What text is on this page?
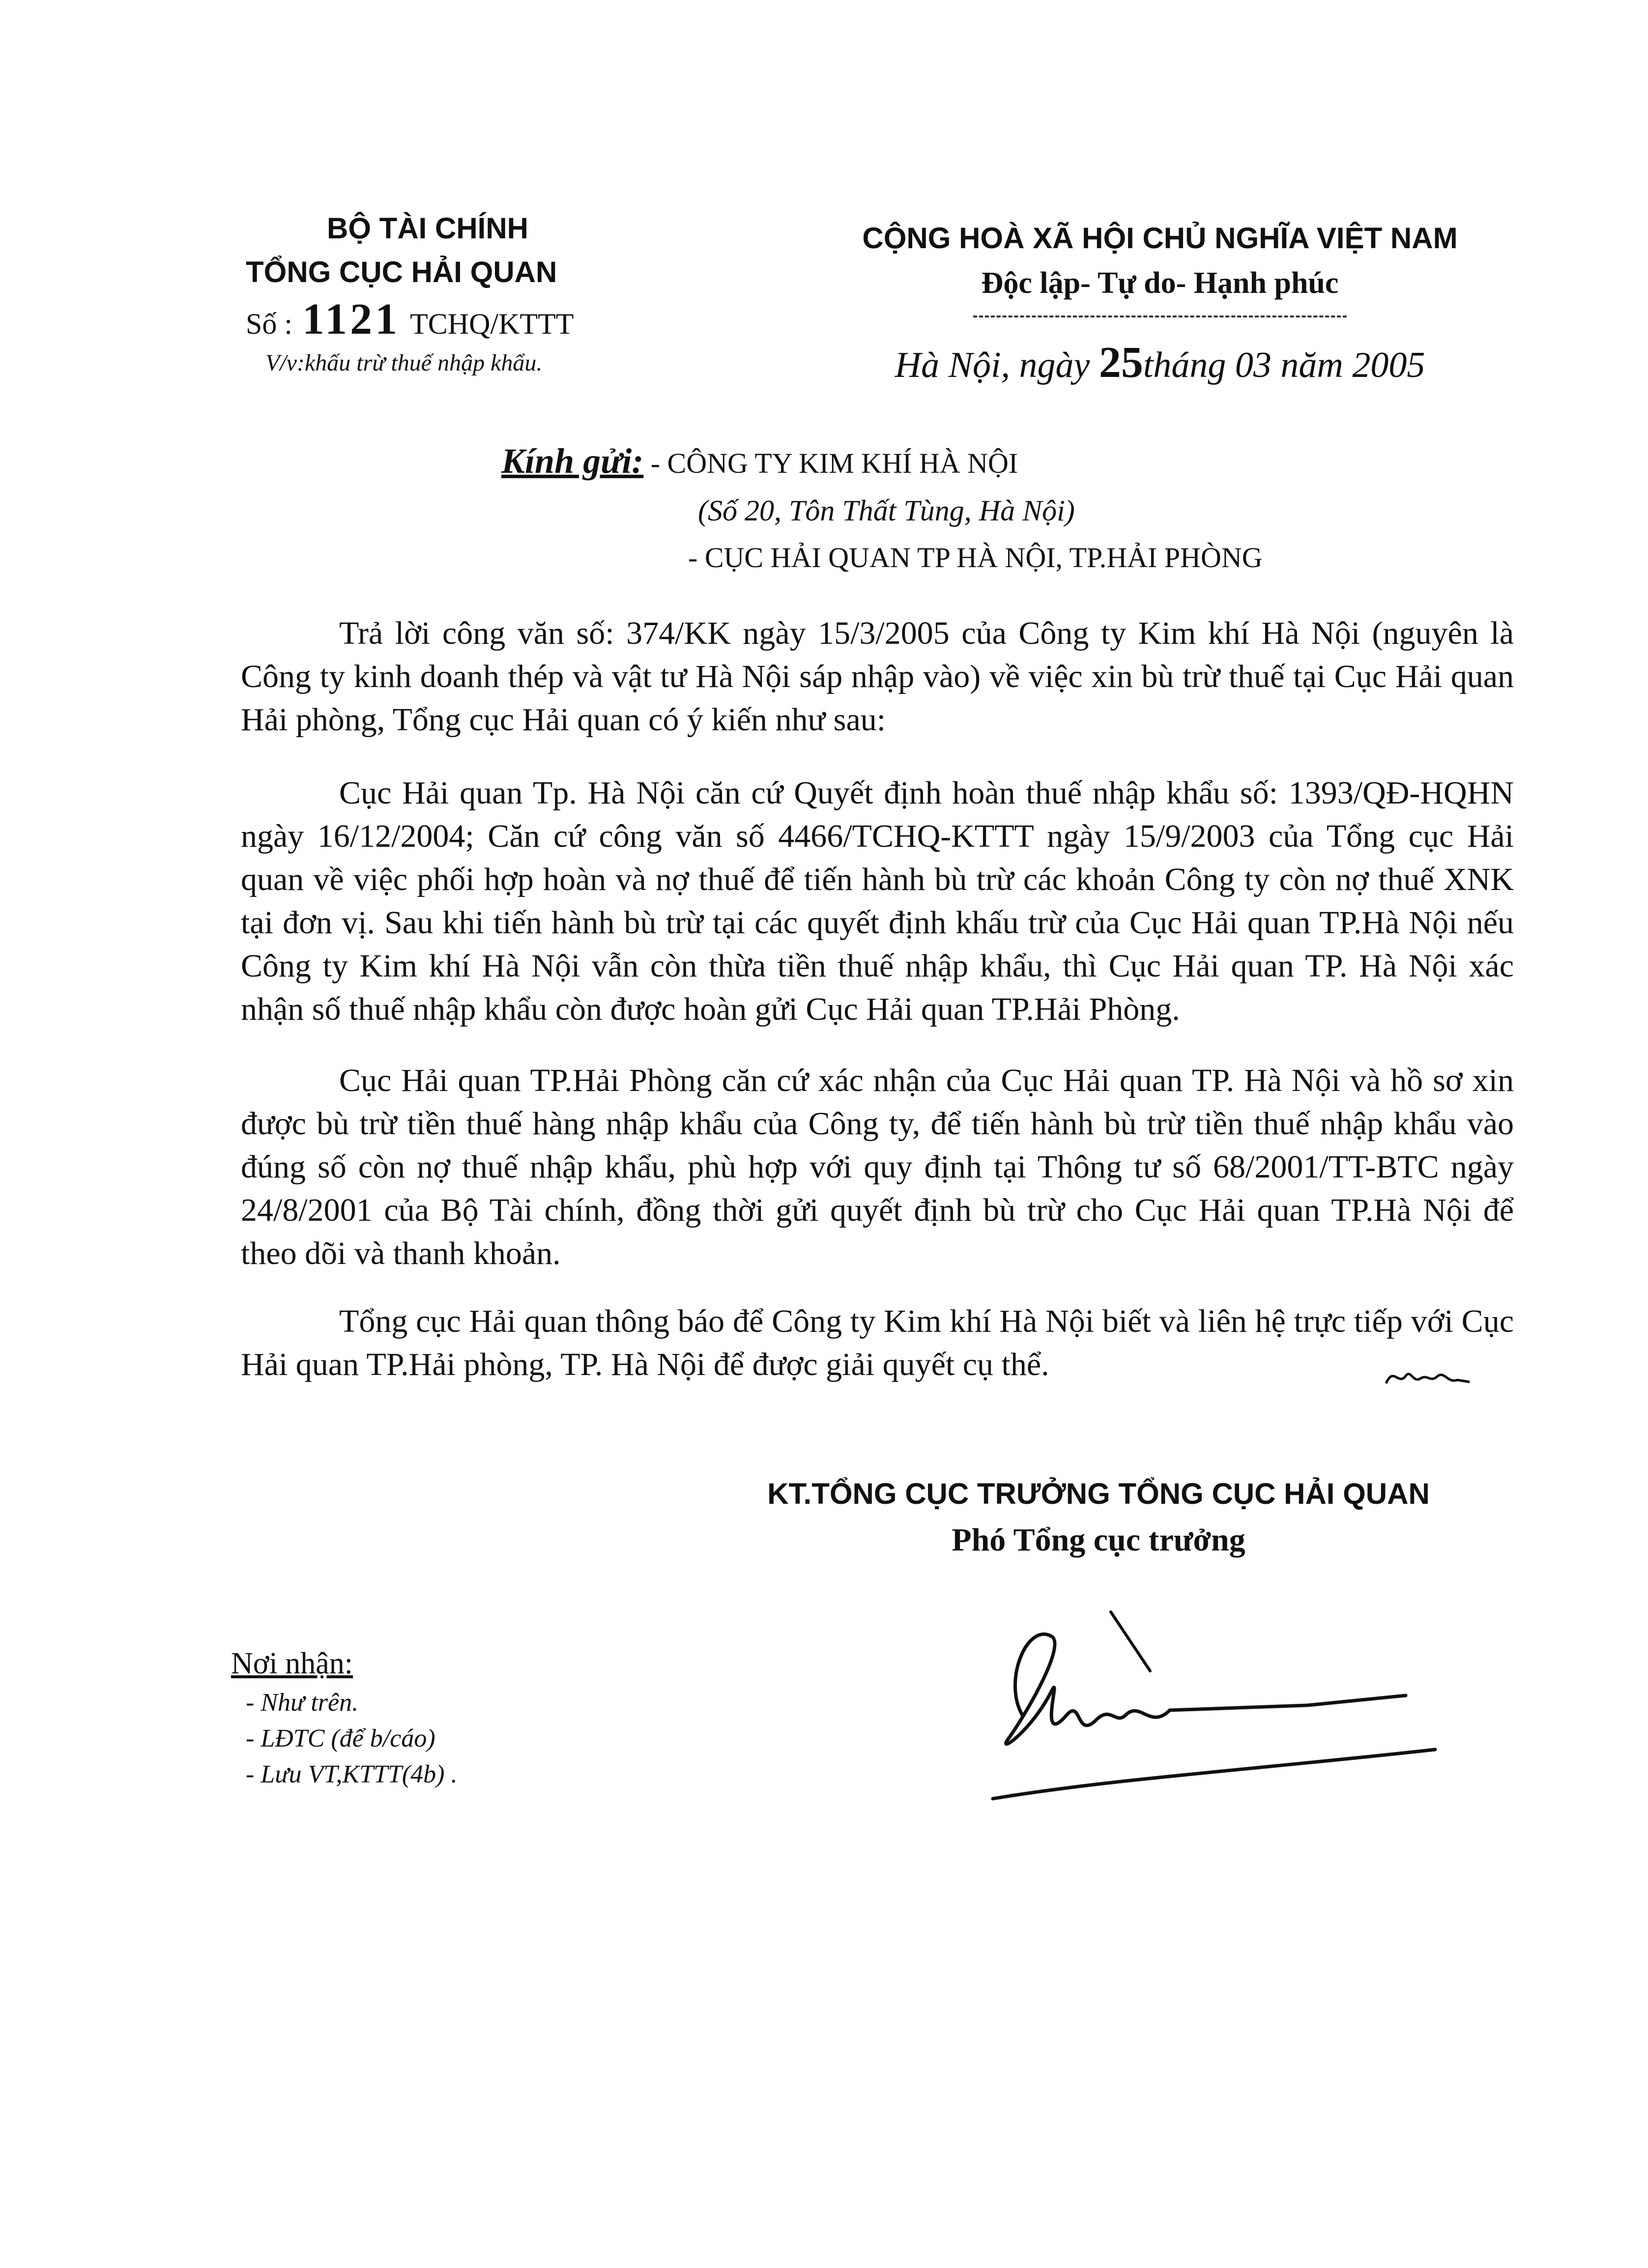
BỘ TÀI CHÍNH
TỔNG CỤC HẢI QUAN
Số : 1121 TCHQ/KTTT
V/v:khấu trừ thuế nhập khẩu.
CỘNG HOÀ XÃ HỘI CHỦ NGHĨA VIỆT NAM
Độc lập- Tự do- Hạnh phúc
Hà Nội, ngày 25tháng 03 năm 2005
Kính gửi: - CÔNG TY KIM KHÍ HÀ NỘI
(Số 20, Tôn Thất Tùng, Hà Nội)
- CỤC HẢI QUAN TP HÀ NỘI, TP.HẢI PHÒNG

Trả lời công văn số: 374/KK ngày 15/3/2005 của Công ty Kim khí Hà Nội (nguyên là Công ty kinh doanh thép và vật tư Hà Nội sáp nhập vào) về việc xin bù trừ thuế tại Cục Hải quan Hải phòng, Tổng cục Hải quan có ý kiến như sau:

Cục Hải quan Tp. Hà Nội căn cứ Quyết định hoàn thuế nhập khẩu số: 1393/QĐ-HQHN ngày 16/12/2004; Căn cứ công văn số 4466/TCHQ-KTTT ngày 15/9/2003 của Tổng cục Hải quan về việc phối hợp hoàn và nợ thuế để tiến hành bù trừ các khoản Công ty còn nợ thuế XNK tại đơn vị. Sau khi tiến hành bù trừ tại các quyết định khấu trừ của Cục Hải quan TP.Hà Nội nếu Công ty Kim khí Hà Nội vẫn còn thừa tiền thuế nhập khẩu, thì Cục Hải quan TP. Hà Nội xác nhận số thuế nhập khẩu còn được hoàn gửi Cục Hải quan TP.Hải Phòng.

Cục Hải quan TP.Hải Phòng căn cứ xác nhận của Cục Hải quan TP. Hà Nội và hồ sơ xin được bù trừ tiền thuế hàng nhập khẩu của Công ty, để tiến hành bù trừ tiền thuế nhập khẩu vào đúng số còn nợ thuế nhập khẩu, phù hợp với quy định tại Thông tư số 68/2001/TT-BTC ngày 24/8/2001 của Bộ Tài chính, đồng thời gửi quyết định bù trừ cho Cục Hải quan TP.Hà Nội để theo dõi và thanh khoản.

Tổng cục Hải quan thông báo để Công ty Kim khí Hà Nội biết và liên hệ trực tiếp với Cục Hải quan TP.Hải phòng, TP. Hà Nội để được giải quyết cụ thể.

KT.TỔNG CỤC TRƯỞNG TỔNG CỤC HẢI QUAN
Phó Tổng cục trưởng
Nơi nhận:
- Như trên.
- LĐTC (để b/cáo)
- Lưu VT,KTTT(4b) .
